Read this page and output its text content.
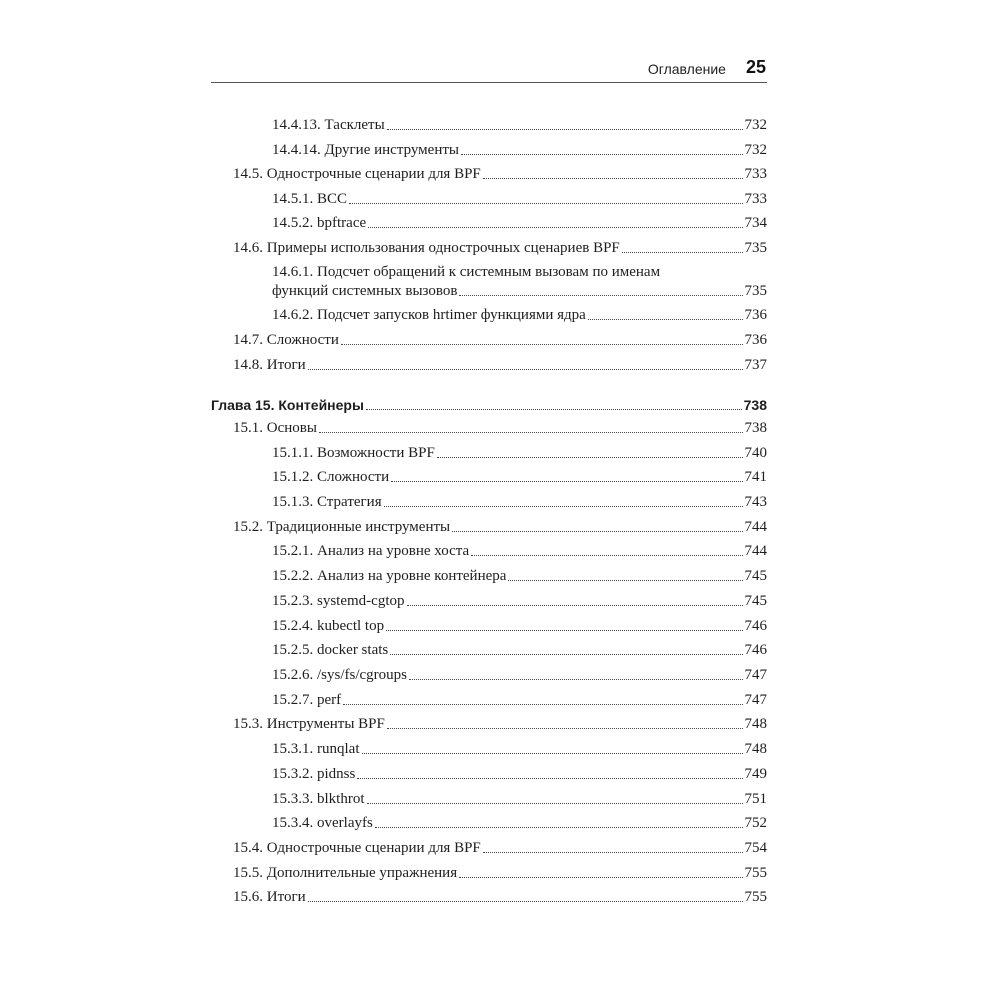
Оглавление 25
14.4.13. Тасклеты	732
14.4.14. Другие инструменты	732
14.5. Однострочные сценарии для BPF	733
14.5.1. BCC	733
14.5.2. bpftrace	734
14.6. Примеры использования однострочных сценариев BPF	735
14.6.1. Подсчет обращений к системным вызовам по именам
функций системных вызовов	735
14.6.2. Подсчет запусков hrtimer функциями ядра	736
14.7. Сложности	736
14.8. Итоги	737
Глава 15. Контейнеры	738
15.1. Основы	738
15.1.1. Возможности BPF	740
15.1.2. Сложности	741
15.1.3. Стратегия	743
15.2. Традиционные инструменты	744
15.2.1. Анализ на уровне хоста	744
15.2.2. Анализ на уровне контейнера	745
15.2.3. systemd-cgtop	745
15.2.4. kubectl top	746
15.2.5. docker stats	746
15.2.6. /sys/fs/cgroups	747
15.2.7. perf	747
15.3. Инструменты BPF	748
15.3.1. runqlat	748
15.3.2. pidnss	749
15.3.3. blkthrot	751
15.3.4. overlayfs	752
15.4. Однострочные сценарии для BPF	754
15.5. Дополнительные упражнения	755
15.6. Итоги	755
